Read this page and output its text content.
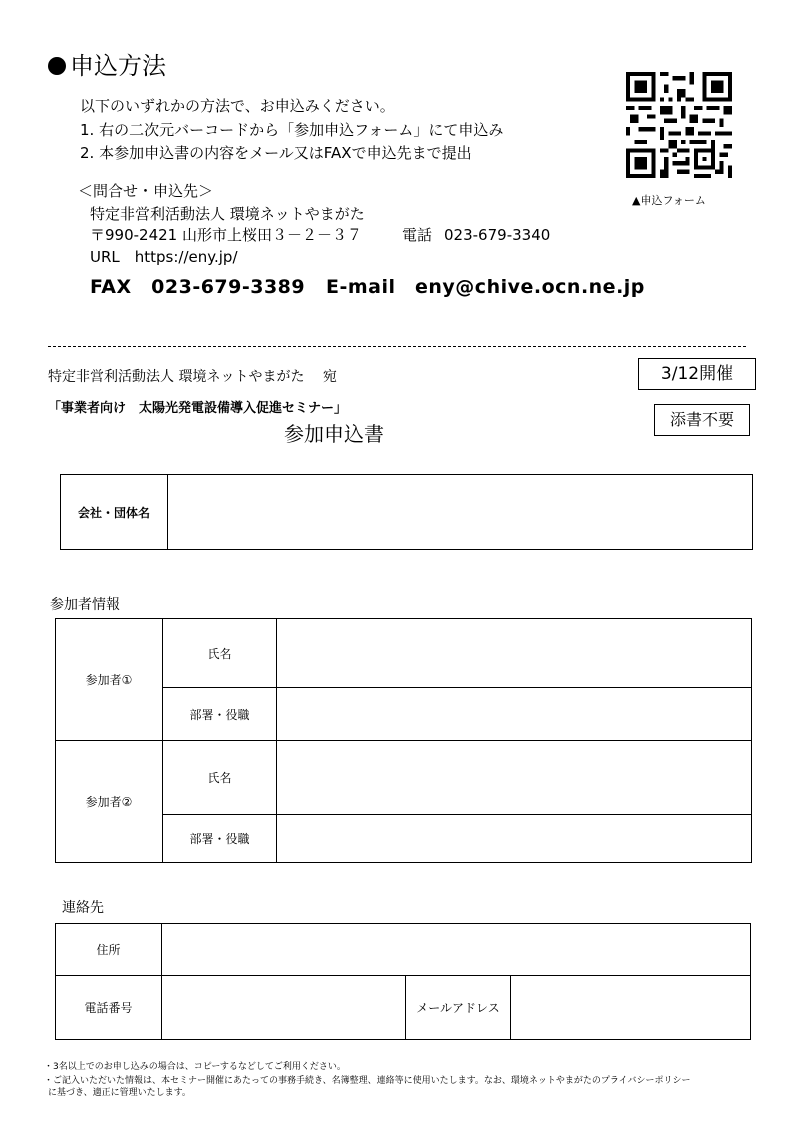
申込方法
以下のいずれかの方法で、お申込みください。
1. 右の二次元バーコードから「参加申込フォーム」にて申込み
2. 本参加申込書の内容をメール又はFAXで申込先まで提出
＜問合せ・申込先＞
特定非営利活動法人 環境ネットやまがた
〒990-2421 山形市上桜田３－２－３７	電話 023-679-3340
URL　https://eny.jp/
FAX　023-679-3389 E-mail　eny@chive.ocn.ne.jp
▲申込フォーム
特定非営利活動法人 環境ネットやまがた　 宛	3/12開催
「事業者向け　太陽光発電設備導入促進セミナー」
添書不要
参加申込書
会社・団体名	
参加者情報
参加者①	氏名	
	部署・役職	
参加者②	氏名	
	部署・役職	
連絡先
住所			
電話番号		メールアドレス	
・3名以上でのお申し込みの場合は、コピーするなどしてご利用ください。
・ご記入いただいた情報は、本セミナー開催にあたっての事務手続き、名簿整理、連絡等に使用いたします。なお、環境ネットやまがたのプライバシーポリシー
に基づき、適正に管理いたします。
